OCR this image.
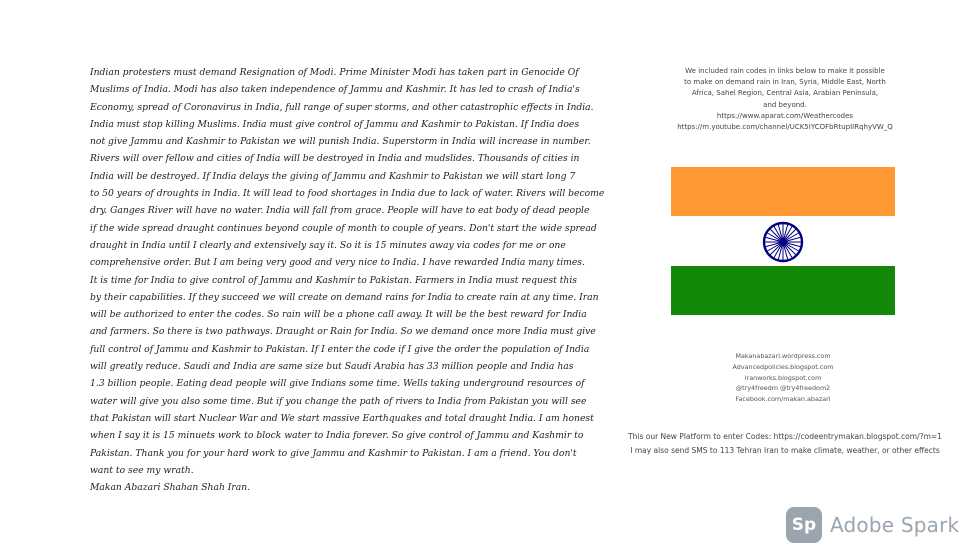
Indian protesters must demand Resignation of Modi. Prime Minister Modi has taken part in Genocide Of
Muslims of India. Modi has also taken independence of Jammu and Kashmir. It has led to crash of India's
Economy, spread of Coronavirus in India, full range of super storms, and other catastrophic effects in India.
India must stop killing Muslims. India must give control of Jammu and Kashmir to Pakistan. If India does
not give Jammu and Kashmir to Pakistan we will punish India. Superstorm in India will increase in number.
Rivers will over fellow and cities of India will be destroyed in India and mudslides. Thousands of cities in
India will be destroyed. If India delays the giving of Jammu and Kashmir to Pakistan we will start long 7
to 50 years of droughts in India. It will lead to food shortages in India due to lack of water. Rivers will become
dry. Ganges River will have no water. India will fall from grace. People will have to eat body of dead people
if the wide spread draught continues beyond couple of month to couple of years. Don't start the wide spread
draught in India until I clearly and extensively say it. So it is 15 minutes away via codes for me or one
comprehensive order. But I am being very good and very nice to India. I have rewarded India many times.
It is time for India to give control of Jammu and Kashmir to Pakistan. Farmers in India must request this
by their capabilities. If they succeed we will create on demand rains for India to create rain at any time. Iran
will be authorized to enter the codes. So rain will be a phone call away. It will be the best reward for India
and farmers. So there is two pathways. Draught or Rain for India. So we demand once more India must give
full control of Jammu and Kashmir to Pakistan. If I enter the code if I give the order the population of India
will greatly reduce. Saudi and India are same size but Saudi Arabia has 33 million people and India has
1.3 billion people. Eating dead people will give Indians some time. Wells taking underground resources of
water will give you also some time. But if you change the path of rivers to India from Pakistan you will see
that Pakistan will start Nuclear War and We start massive Earthquakes and total draught India. I am honest
when I say it is 15 minuets work to block water to India forever. So give control of Jammu and Kashmir to
Pakistan. Thank you for your hard work to give Jammu and Kashmir to Pakistan. I am a friend. You don't
want to see my wrath.
Makan Abazari Shahan Shah Iran.
We included rain codes in links below to make it possible
to make on demand rain in Iran, Syria, Middle East, North
Africa, Sahel Region, Central Asia, Arabian Peninsula,
and beyond.
https://www.aparat.com/Weathercodes
https://m.youtube.com/channel/UCK5IYCOFbRtupIIRqhyVW_Q
Makanabazari.wordpress.com
Advancedpolicies.blogspot.com
Iranworks.blogspot.com
@try4freedm @try4freedom2
Facebook.com/makan.abazari
This our New Platform to enter Codes: https://codeentrymakan.blogspot.com/?m=1
I may also send SMS to 113 Tehran Iran to make climate, weather, or other effects
Sp Adobe Spark
